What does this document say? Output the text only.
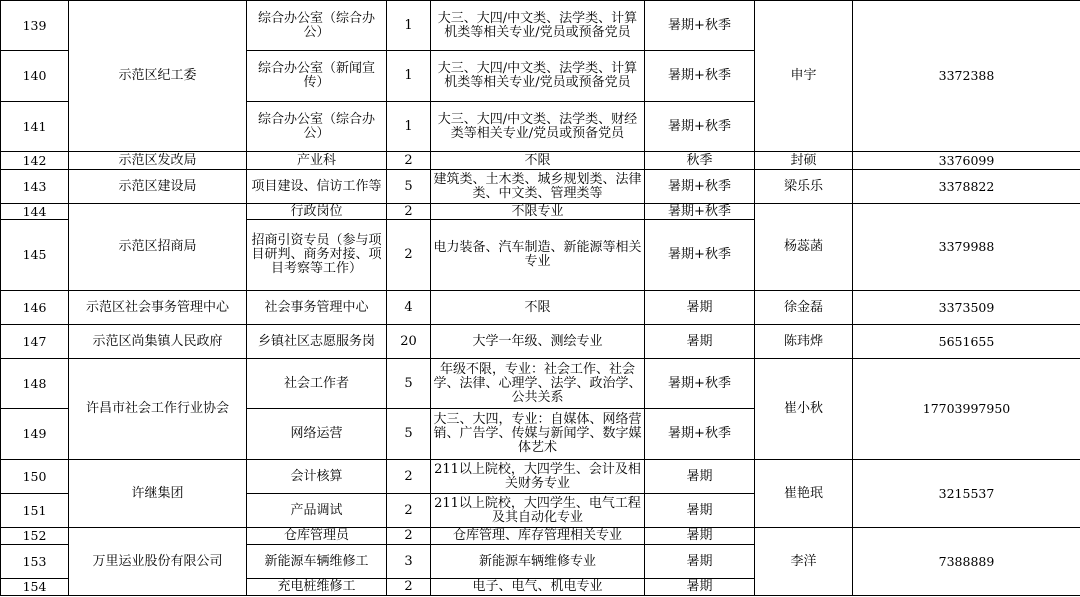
139	示范区纪工委	综合办公室（综合办公）	1	大三、大四/中文类、法学类、计算机类等相关专业/党员或预备党员	暑期+秋季	申宇	3372388
140		综合办公室（新闻宣传）	1	大三、大四/中文类、法学类、计算机类等相关专业/党员或预备党员	暑期+秋季		
141		综合办公室（综合办公）	1	大三、大四/中文类、法学类、财经类等相关专业/党员或预备党员	暑期+秋季		
142	示范区发改局	产业科	2	不限	秋季	封硕	3376099
143	示范区建设局	项目建设、信访工作等	5	建筑类、土木类、城乡规划类、法律类、中文类、管理类等	暑期+秋季	梁乐乐	3378822
144	示范区招商局	行政岗位	2	不限专业	暑期+秋季	杨蕊菡	3379988
145		招商引资专员（参与项目研判、商务对接、项目考察等工作）	2	电力装备、汽车制造、新能源等相关专业	暑期+秋季		
146	示范区社会事务管理中心	社会事务管理中心	4	不限	暑期	徐金磊	3373509
147	示范区尚集镇人民政府	乡镇社区志愿服务岗	20	大学一年级、测绘专业	暑期	陈玮烨	5651655
148	许昌市社会工作行业协会	社会工作者	5	年级不限，专业：社会工作、社会学、法律、心理学、法学、政治学、公共关系	暑期+秋季	崔小秋	17703997950
149		网络运营	5	大三、大四，专业：自媒体、网络营销、广告学、传媒与新闻学、数字媒体艺术	暑期+秋季		
150	许继集团	会计核算	2	211以上院校，大四学生、会计及相关财务专业	暑期	崔艳珉	3215537
151		产品调试	2	211以上院校，大四学生、电气工程及其自动化专业	暑期		
152	万里运业股份有限公司	仓库管理员	2	仓库管理、库存管理相关专业	暑期	李洋	7388889
153		新能源车辆维修工	3	新能源车辆维修专业	暑期		
154		充电桩维修工	2	电子、电气、机电专业	暑期		
